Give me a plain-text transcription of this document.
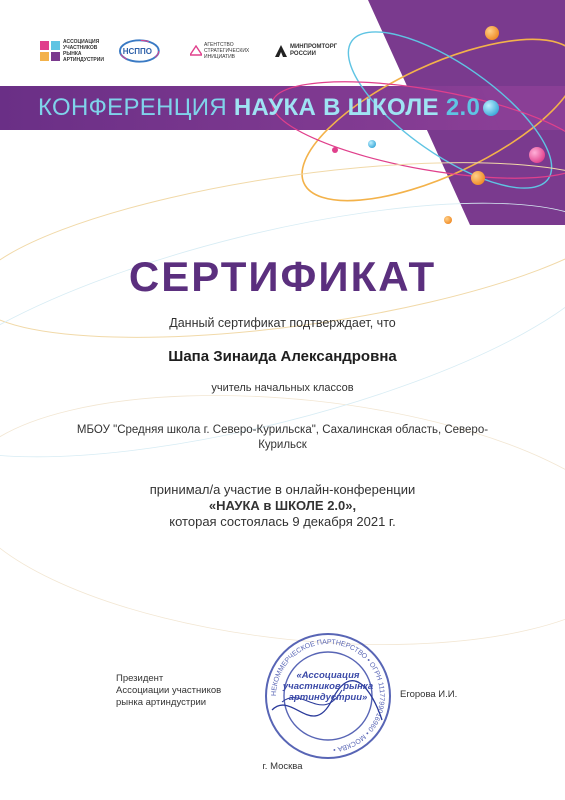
АССОЦИАЦИЯ
УЧАСТНИКОВ
РЫНКА
АРТИНДУСТРИИ
НСППО
АГЕНТСТВО
СТРАТЕГИЧЕСКИХ
ИНИЦИАТИВ
МИНПРОМТОРГ
РОССИИ
КОНФЕРЕНЦИЯ НАУКА В ШКОЛЕ 2.0
СЕРТИФИКАТ
Данный сертификат подтверждает, что
Шапа Зинаида Александровна
учитель начальных классов
МБОУ "Средняя школа г. Северо-Курильска", Сахалинская область, Северо-Курильск
принимал/а участие в онлайн-конференции
«НАУКА в ШКОЛЕ 2.0»,
которая состоялась 9 декабря 2021 г.
Президент
Ассоциации участников
рынка артиндустрии
Егорова И.И.
НЕКОММЕРЧЕСКОЕ ПАРТНЕРСТВО • ОГРН 1117799016960 • МОСКВА •
«Ассоциация
участников рынка
артиндустрии»
г. Москва
